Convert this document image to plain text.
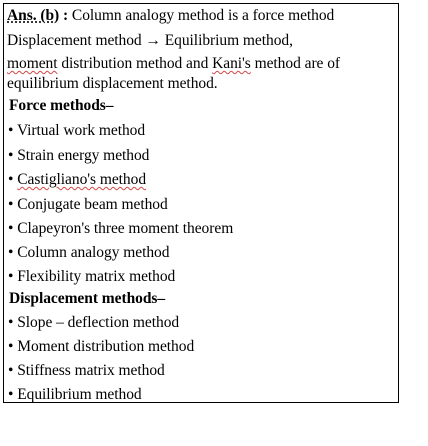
Ans. (b) : Column analogy method is a force method
Displacement method → Equilibrium method,
moment distribution method and Kani's method are of
equilibrium displacement method.
Force methods–
• Virtual work method
• Strain energy method
• Castigliano's method
• Conjugate beam method
• Clapeyron's three moment theorem
• Column analogy method
• Flexibility matrix method
Displacement methods–
• Slope – deflection method
• Moment distribution method
• Stiffness matrix method
• Equilibrium method
